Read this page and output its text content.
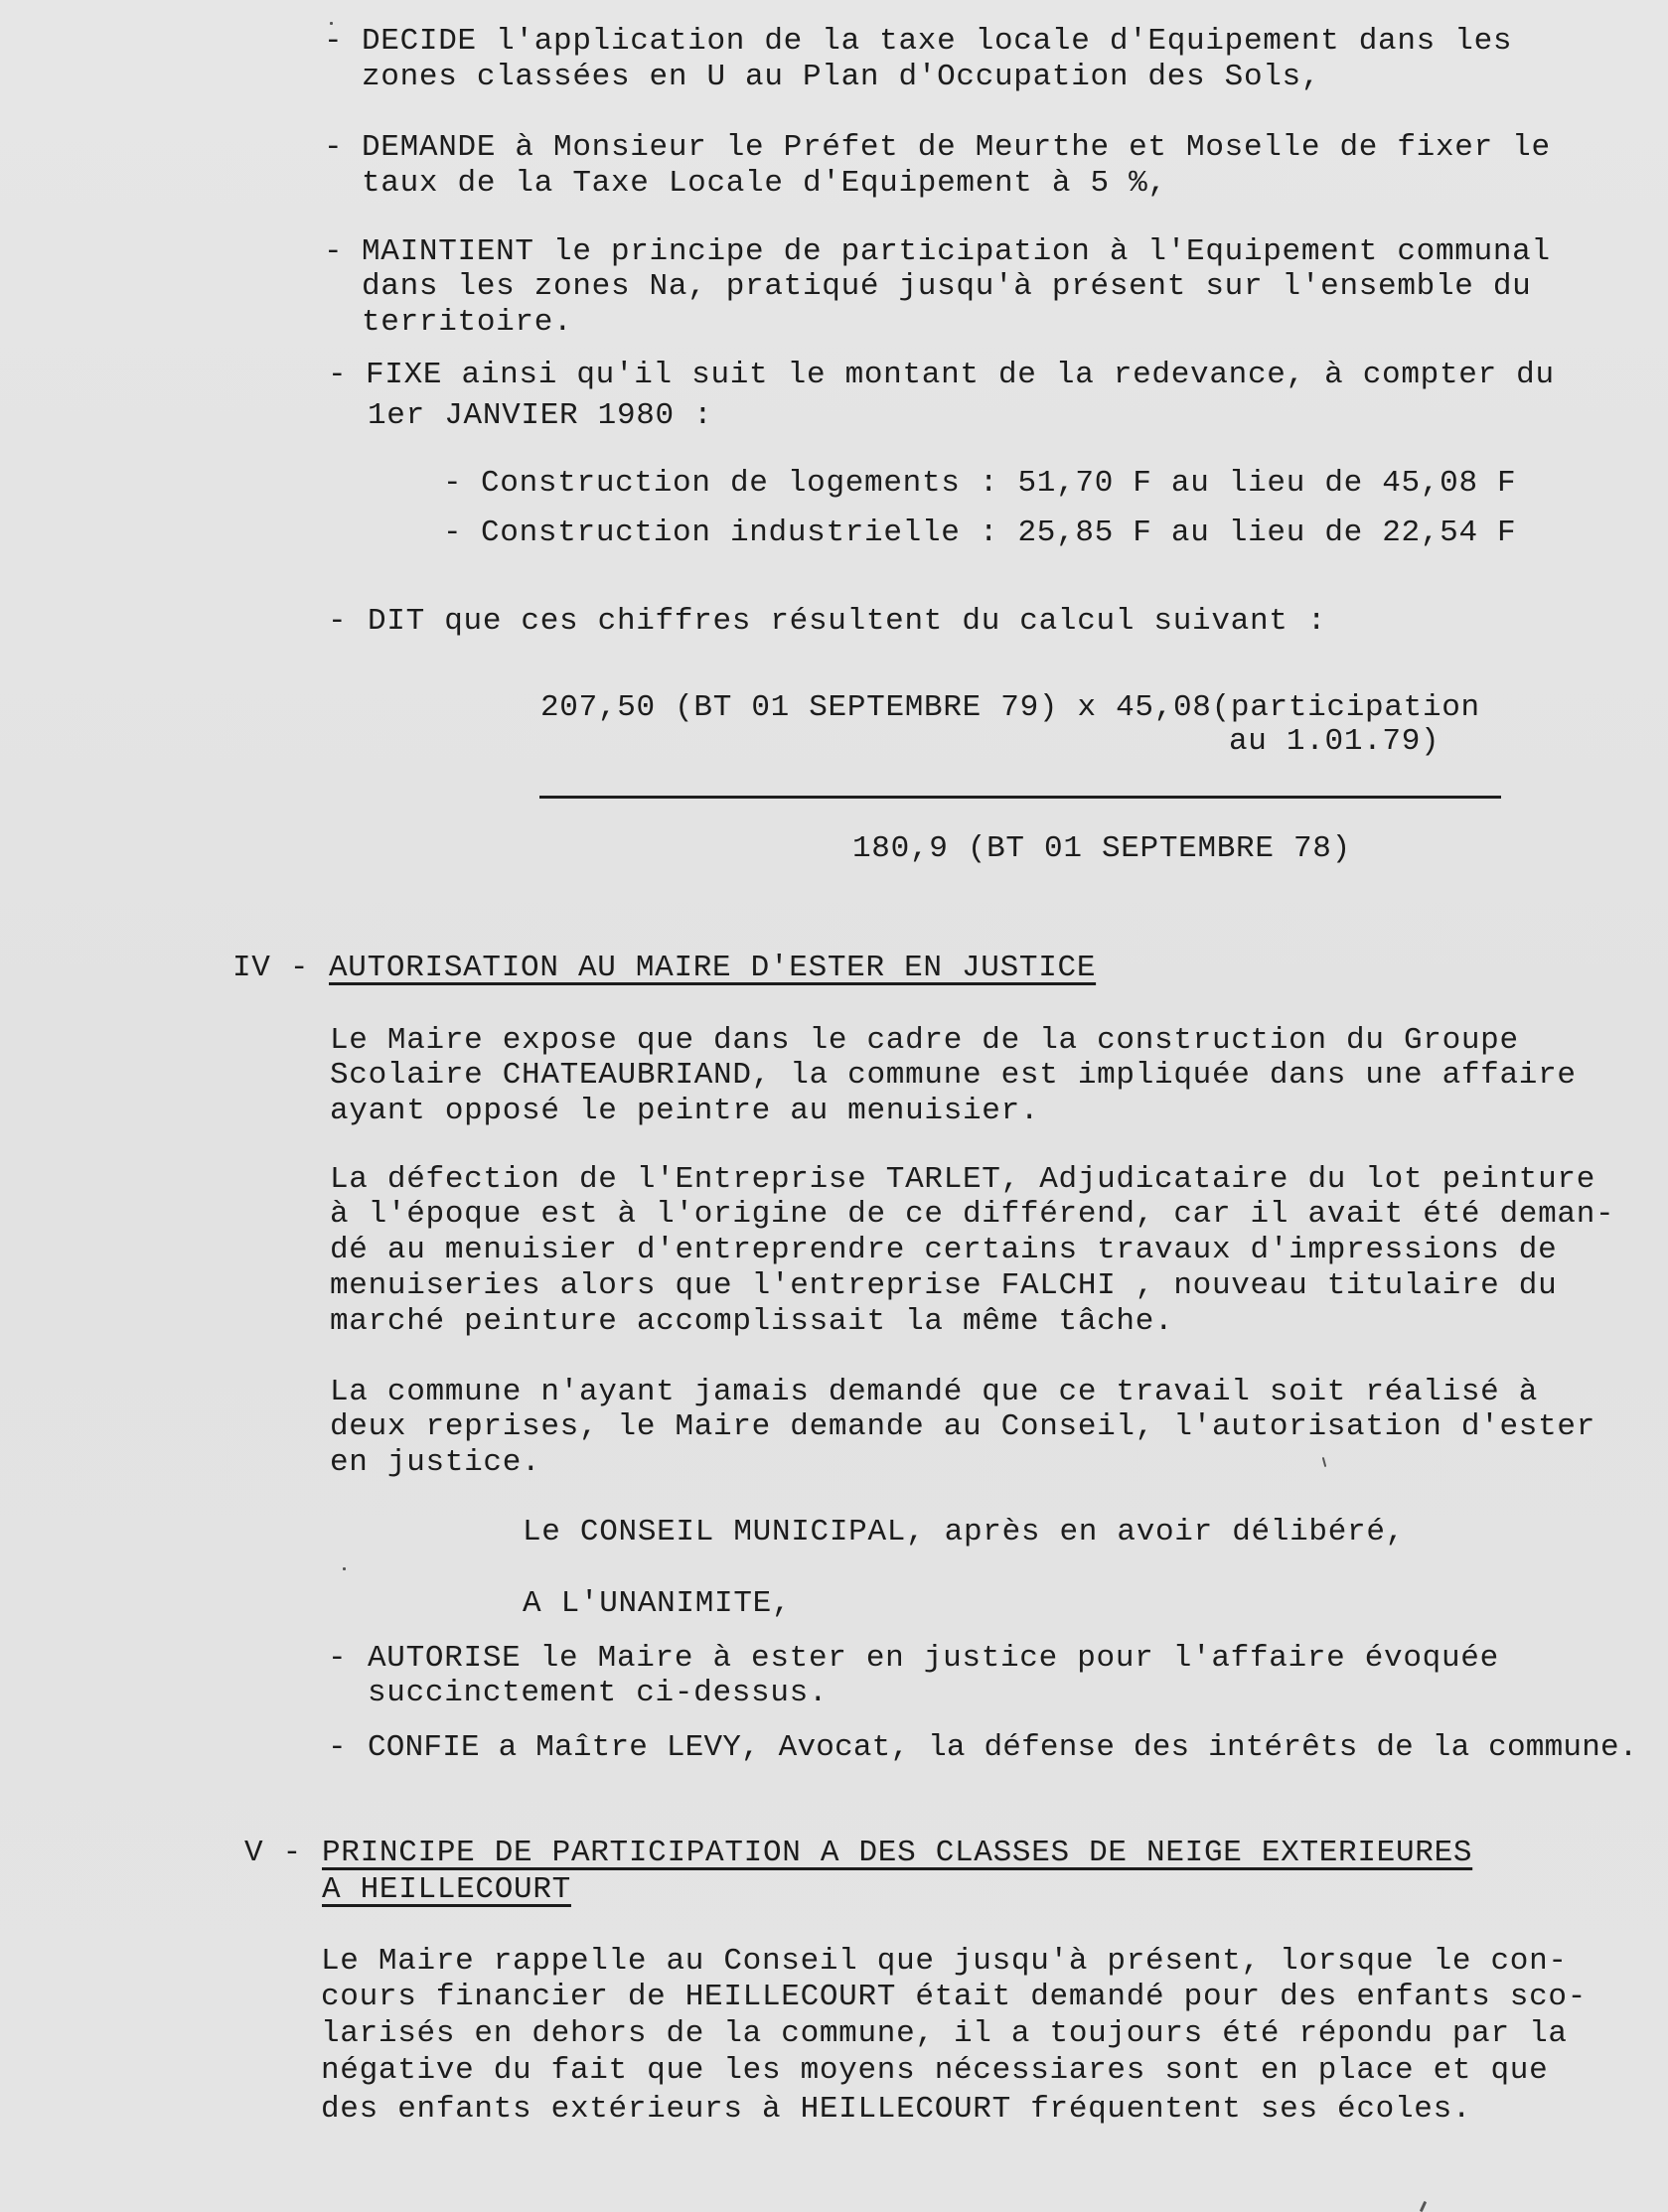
- DECIDE l'application de la taxe locale d'Equipement dans les
zones classées en U au Plan d'Occupation des Sols,
- DEMANDE à Monsieur le Préfet de Meurthe et Moselle de fixer le
taux de la Taxe Locale d'Equipement à 5 %,
- MAINTIENT le principe de participation à l'Equipement communal
dans les zones Na, pratiqué jusqu'à présent sur l'ensemble du
territoire.
- FIXE ainsi qu'il suit le montant de la redevance, à compter du
1er JANVIER 1980 :
- Construction de logements : 51,70 F au lieu de 45,08 F
- Construction industrielle : 25,85 F au lieu de 22,54 F
- DIT que ces chiffres résultent du calcul suivant :
207,50 (BT 01 SEPTEMBRE 79) x 45,08(participation
au 1.01.79)
180,9 (BT 01 SEPTEMBRE 78)
IV - AUTORISATION AU MAIRE D'ESTER EN JUSTICE
Le Maire expose que dans le cadre de la construction du Groupe
Scolaire CHATEAUBRIAND, la commune est impliquée dans une affaire
ayant opposé le peintre au menuisier.
La défection de l'Entreprise TARLET, Adjudicataire du lot peinture
à l'époque est à l'origine de ce différend, car il avait été deman-
dé au menuisier d'entreprendre certains travaux d'impressions de
menuiseries alors que l'entreprise FALCHI , nouveau titulaire du
marché peinture accomplissait la même tâche.
La commune n'ayant jamais demandé que ce travail soit réalisé à
deux reprises, le Maire demande au Conseil, l'autorisation d'ester
en justice.
Le CONSEIL MUNICIPAL, après en avoir délibéré,
A L'UNANIMITE,
- AUTORISE le Maire à ester en justice pour l'affaire évoquée
succinctement ci-dessus.
- CONFIE a Maître LEVY, Avocat, la défense des intérêts de la commune.
V - PRINCIPE DE PARTICIPATION A DES CLASSES DE NEIGE EXTERIEURES
A HEILLECOURT
Le Maire rappelle au Conseil que jusqu'à présent, lorsque le con-
cours financier de HEILLECOURT était demandé pour des enfants sco-
larisés en dehors de la commune, il a toujours été répondu par la
négative du fait que les moyens nécessiares sont en place et que
des enfants extérieurs à HEILLECOURT fréquentent ses écoles.
